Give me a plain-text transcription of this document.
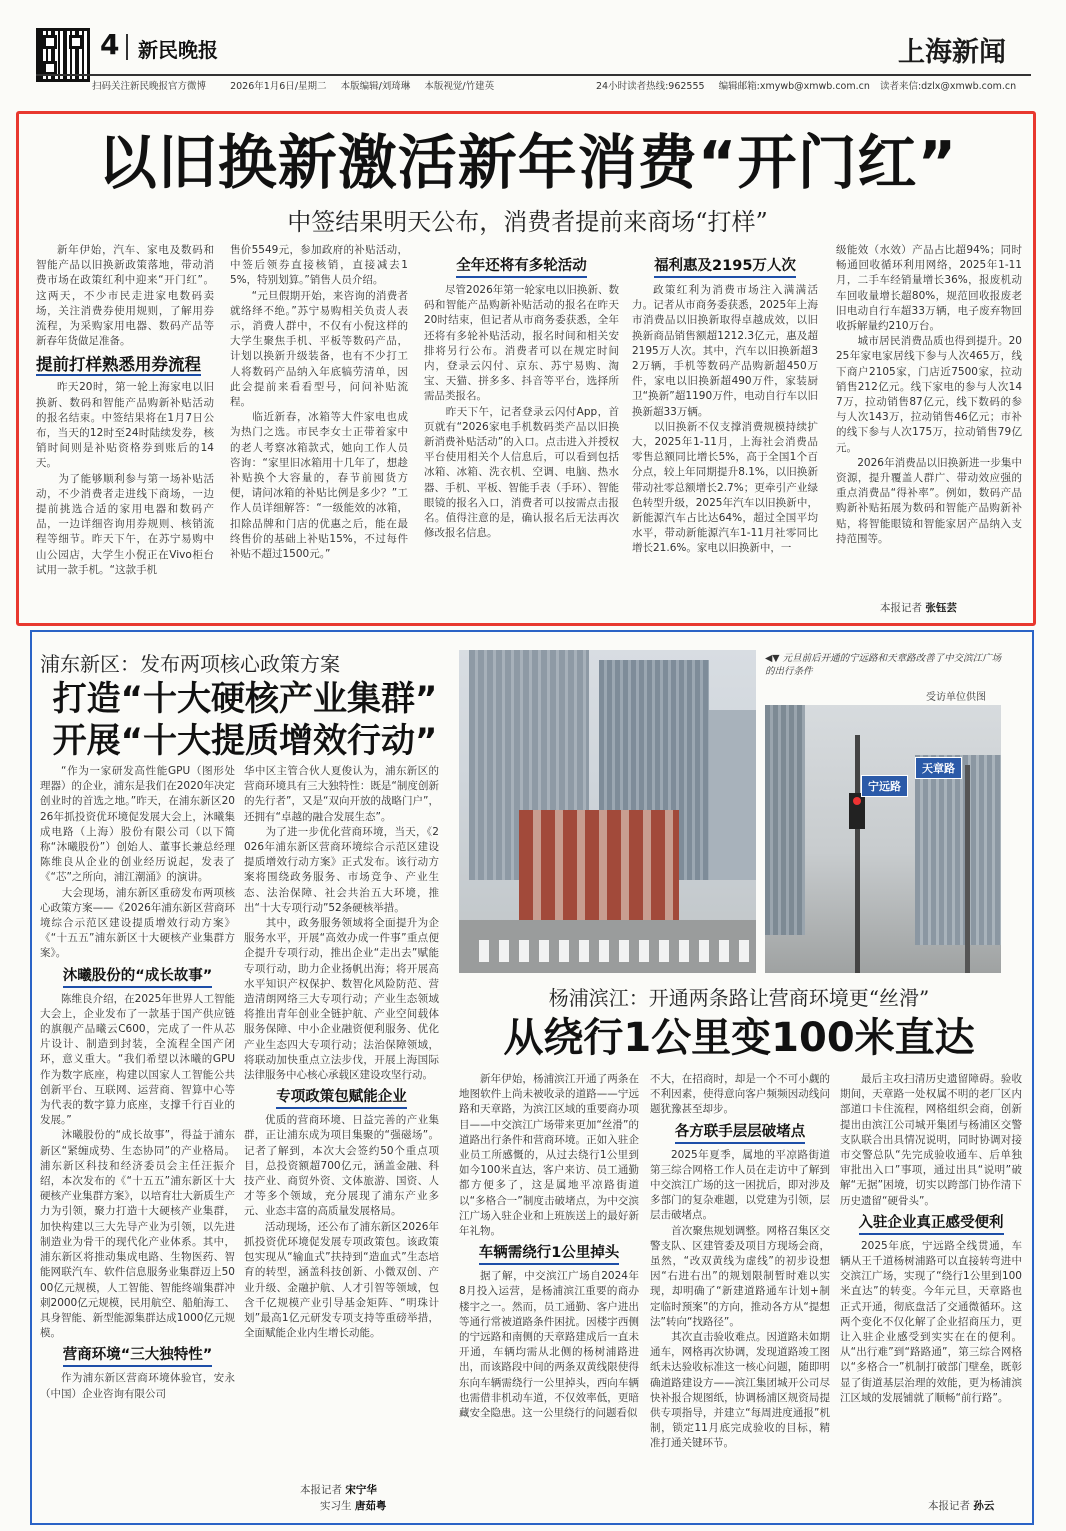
4 新民晚报	上海新闻
扫码关注新民晚报官方微博	2026年1月6日/星期二 本版编辑/刘琦琳 本版视觉/竹建英	24小时读者热线:962555 编辑邮箱:xmywb@xmwb.com.cn 读者来信:dzlx@xmwb.com.cn
以旧换新激活新年消费“开门红”
中签结果明天公布，消费者提前来商场“打样”
新年伊始，汽车、家电及数码和智能产品以旧换新政策落地，带动消费市场在政策红利中迎来“开门红”。这两天，不少市民走进家电数码卖场，关注消费券使用规则，了解用券流程，为采购家用电器、数码产品等新春年货做足准备。
提前打样熟悉用券流程
昨天20时，第一轮上海家电以旧换新、数码和智能产品购新补贴活动的报名结束。中签结果将在1月7日公布，当天的12时至24时陆续发券，核销时间则是补贴资格券到账后的14天。
　　为了能够顺利参与第一场补贴活动，不少消费者走进线下商场，一边提前挑选合适的家用电器和数码产品，一边详细咨询用券规则、核销流程等细节。昨天下午，在苏宁易购中山公园店，大学生小倪正在Vivo柜台试用一款手机。“这款手机
售价5549元，参加政府的补贴活动，中签后领券直接核销，直接减去15%，特别划算。”销售人员介绍。
　　“元旦假期开始，来咨询的消费者就络绎不绝。”苏宁易购相关负责人表示，消费人群中，不仅有小倪这样的大学生聚焦手机、平板等数码产品，计划以换新升级装备，也有不少打工人将数码产品纳入年底犒劳清单，因此会提前来看看型号，问问补贴流程。
　　临近新春，冰箱等大件家电也成为热门之选。市民李女士正带着家中的老人考察冰箱款式，她向工作人员咨询：“家里旧冰箱用十几年了，想趁补贴换个大容量的，春节前囤货方便，请问冰箱的补贴比例是多少？”工作人员详细解答：“一级能效的冰箱，扣除品牌和门店的优惠之后，能在最终售价的基础上补贴15%，不过每件补贴不超过1500元。”
全年还将有多轮活动
尽管2026年第一轮家电以旧换新、数码和智能产品购新补贴活动的报名在昨天20时结束，但记者从市商务委获悉，全年还将有多轮补贴活动，报名时间和相关安排将另行公布。消费者可以在规定时间内，登录云闪付、京东、苏宁易购、淘宝、天猫、拼多多、抖音等平台，选择所需品类报名。
　　昨天下午，记者登录云闪付App，首页就有“2026家电手机数码类产品以旧换新消费补贴活动”的入口。点击进入并授权平台使用相关个人信息后，可以看到包括冰箱、冰箱、洗衣机、空调、电脑、热水器、手机、平板、智能手表（手环）、智能眼镜的报名入口，消费者可以按需点击报名。值得注意的是，确认报名后无法再次修改报名信息。
福利惠及2195万人次
政策红利为消费市场注入满满活力。记者从市商务委获悉，2025年上海市消费品以旧换新取得卓越成效，以旧换新商品销售额超1212.3亿元，惠及超2195万人次。其中，汽车以旧换新超32万辆，手机等数码产品购新超450万件，家电以旧换新超490万件，家装厨卫“换新”超1190万件，电动自行车以旧换新超33万辆。
　　以旧换新不仅支撑消费规模持续扩大，2025年1-11月，上海社会消费品零售总额同比增长5%，高于全国1个百分点，较上年同期提升8.1%，以旧换新带动社零总额增长2.7%；更牵引产业绿色转型升级，2025年汽车以旧换新中，新能源汽车占比达64%，超过全国平均水平，带动新能源汽车1-11月社零同比增长21.6%。家电以旧换新中，一
级能效（水效）产品占比超94%；同时畅通回收循环利用网络，2025年1-11月，二手车经销量增长36%，报废机动车回收量增长超80%，规范回收报废老旧电动自行车超33万辆，电子废弃物回收拆解量约210万台。
　　城市居民消费品质也得到提升。2025年家电家居线下参与人次465万，线下商户2105家，门店近7500家，拉动销售212亿元。线下家电的参与人次147万，拉动销售87亿元，线下数码的参与人次143万，拉动销售46亿元；市补的线下参与人次175万，拉动销售79亿元。
　　2026年消费品以旧换新进一步集中资源，提升覆盖人群广、带动效应强的重点消费品“得补率”。例如，数码产品购新补贴拓展为数码和智能产品购新补贴，将智能眼镜和智能家居产品纳入支持范围等。
本报记者 张钰芸
浦东新区：发布两项核心政策方案
打造“十大硬核产业集群”
开展“十大提质增效行动”
“作为一家研发高性能GPU（图形处理器）的企业，浦东是我们在2020年决定创业时的首选之地。”昨天，在浦东新区2026年抓投资优环境促发展大会上，沐曦集成电路（上海）股份有限公司（以下简称“沐曦股份”）创始人、董事长兼总经理陈维良从企业的创业经历说起，发表了《“芯”之所向，浦江潮涌》的演讲。
　　大会现场，浦东新区重磅发布两项核心政策方案——《2026年浦东新区营商环境综合示范区建设提质增效行动方案》《“十五五”浦东新区十大硬核产业集群方案》。
沐曦股份的“成长故事”
陈维良介绍，在2025年世界人工智能大会上，企业发布了一款基于国产供应链的旗舰产品曦云C600，完成了一件从芯片设计、制造到封装，全流程全国产闭环，意义重大。“我们希望以沐曦的GPU作为数字底座，构建以国家人工智能公共创新平台、互联网、运营商、智算中心等为代表的数字算力底座，支撑千行百业的发展。”
　　沐曦股份的“成长故事”，得益于浦东新区“紧缠成势、生态协同”的产业格局。浦东新区科技和经济委员会主任汪振介绍，本次发布的《“十五五”浦东新区十大硬核产业集群方案》，以培育壮大新质生产力为引领，聚力打造十大硬核产业集群，加快构建以三大先导产业为引领，以先进制造业为骨干的现代化产业体系。其中，浦东新区将推动集成电路、生物医药、智能网联汽车、软件信息服务业集群迈上5000亿元规模，人工智能、智能终端集群冲刺2000亿元规模，民用航空、船舶海工、具身智能、新型能源集群达成1000亿元规模。
营商环境“三大独特性”
作为浦东新区营商环境体验官，安永（中国）企业咨询有限公司
华中区主管合伙人夏俊认为，浦东新区的营商环境具有三大独特性：既是“制度创新的先行者”，又是“双向开放的战略门户”，还拥有“卓越的融合发展生态”。
　　为了进一步优化营商环境，当天，《2026年浦东新区营商环境综合示范区建设提质增效行动方案》正式发布。该行动方案将围绕政务服务、市场竞争、产业生态、法治保障、社会共治五大环境，推出“十大专项行动”52条硬核举措。
　　其中，政务服务领域将全面提升为企服务水平，开展“高效办成一件事”重点便企提升专项行动，推出企业“走出去”赋能专项行动，助力企业扬帆出海；将开展高水平知识产权保护、数智化风险防范、营造清朗网络三大专项行动；产业生态领域将推出青年创业全链护航、产业空间载体服务保障、中小企业融资便利服务、优化产业生态四大专项行动；法治保障领域，将联动加快重点立法步伐，开展上海国际法律服务中心核心承载区建设攻坚行动。
专项政策包赋能企业
优质的营商环境、日益完善的产业集群，正让浦东成为项目集聚的“强磁场”。记者了解到，本次大会签约50个重点项目，总投资额超700亿元，涵盖金融、科技产业、商贸外资、文体旅游、国资、人才等多个领域，充分展现了浦东产业多元、业态丰富的高质量发展格局。
　　活动现场，还公布了浦东新区2026年抓投资优环境促发展专项政策包。该政策包实现从“输血式”扶持到“造血式”生态培育的转型，涵盖科技创新、小微双创、产业升级、金融护航、人才引智等领域，包含千亿规模产业引导基金矩阵、“明珠计划”最高1亿元研发专项支持等重磅举措，全面赋能企业内生增长动能。
本报记者 宋宁华
实习生 唐茹粤
宁远路
天章路
◀▼ 元旦前后开通的宁远路和天章路改善了中交滨江广场的出行条件
受访单位供图
杨浦滨江：开通两条路让营商环境更“丝滑”
从绕行1公里变100米直达
新年伊始，杨浦滨江开通了两条在地图软件上尚未被收录的道路——宁远路和天章路，为滨江区域的重要商办项目——中交滨江广场带来更加“丝滑”的道路出行条件和营商环境。正如入驻企业员工所感慨的，从过去绕行1公里到如今100米直达，客户来访、员工通勤都方便多了，这是属地平凉路街道以“多格合一”制度击破堵点，为中交滨江广场入驻企业和上班族送上的最好新年礼物。
车辆需绕行1公里掉头
据了解，中交滨江广场自2024年8月投入运营，是杨浦滨江重要的商办楼宇之一。然而，员工通勤、客户进出等通行常被道路条件困扰。因楼宇西侧的宁远路和南侧的天章路建成后一直未开通，车辆均需从北侧的杨树浦路进出，而该路段中间的两条双黄线限使得东向车辆需绕行一公里掉头，西向车辆也需借非机动车道，不仅效率低，更暗藏安全隐患。这一公里绕行的问题看似
不大，在招商时，却是一个不可小觑的不利因素，使得意向客户频频因动线问题犹豫甚至却步。
各方联手层层破堵点
2025年夏季，属地的平凉路街道第三综合网格工作人员在走访中了解到中交滨江广场的这一困扰后，即对涉及多部门的复杂难题，以党建为引领，层层击破堵点。
　　首次聚焦规划调整。网格召集区交警支队、区建管委及项目方现场会商，虽然，“改双黄线为虚线”的初步设想因“右进右出”的规划限制暂时难以实现，却明确了“新建道路通车计划+制定临时预案”的方向，推动各方从“提想法”转向“找路径”。
　　其次直击验收难点。因道路未如期通车，网格再次协调，发现道路竣工图纸未达验收标准这一核心问题，随即明确道路建设方——滨江集团城开公司尽快补报合规图纸，协调杨浦区规资局提供专项指导，并建立“每周进度通报”机制，锁定11月底完成验收的目标，精准打通关键环节。
最后主攻扫清历史遗留障碍。验收期间，天章路一处权属不明的老厂区内部道口卡住流程，网格组织会商，创新提出由滨江公司城开集团与杨浦区交警支队联合出具情况说明，同时协调对接市交警总队“先完成验收通车、后单独审批出入口”事项，通过出具“说明”破解“无据”困境，切实以跨部门协作清下历史遗留“硬骨头”。
入驻企业真正感受便利
2025年底，宁远路全线贯通，车辆从王千道杨树浦路可以直接转弯进中交滨江广场，实现了“绕行1公里到100米直达”的转变。今年元旦，天章路也正式开通，彻底盘活了交通微循环。这两个变化不仅化解了企业招商压力，更让入驻企业感受到实实在在的便利。从“出行难”到“路路通”，第三综合网格以“多格合一”机制打破部门壁垒，既彰显了街道基层治理的效能，更为杨浦滨江区域的发展铺就了顺畅“前行路”。
本报记者 孙云
